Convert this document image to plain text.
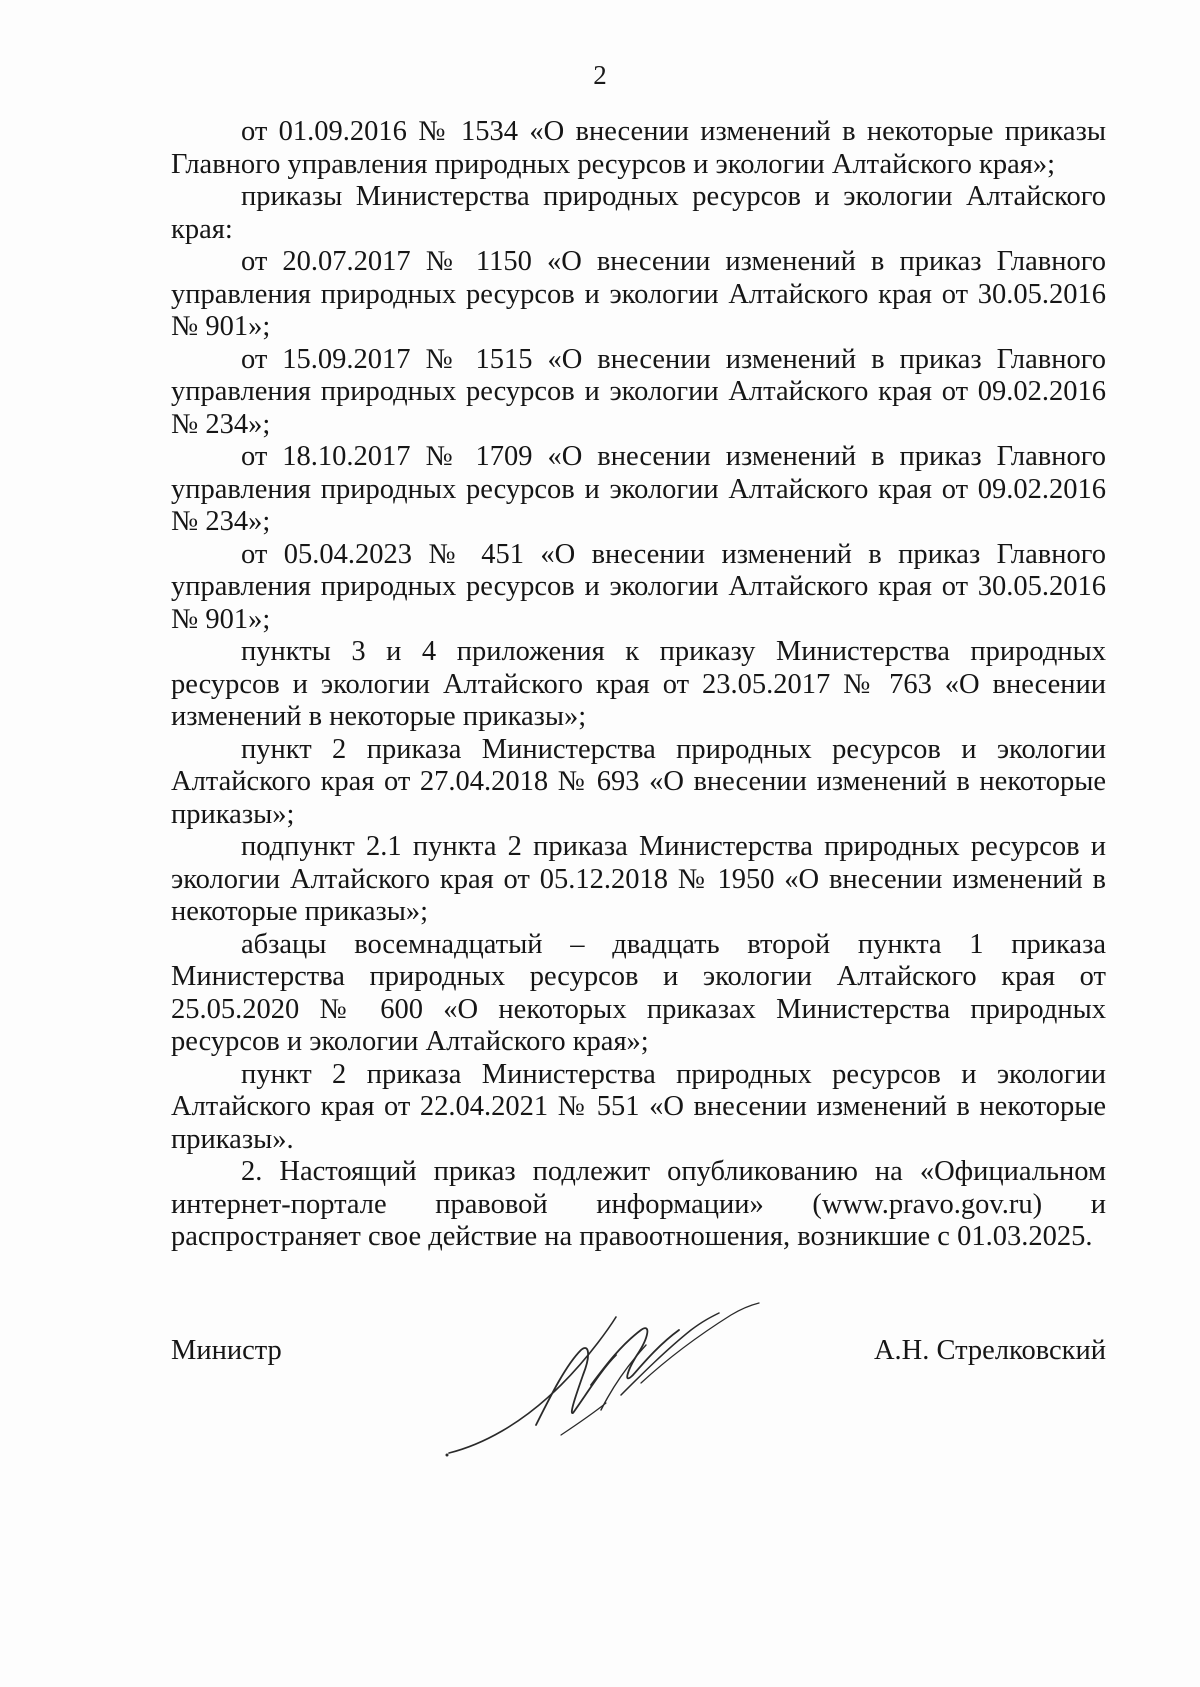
2

от 01.09.2016 № 1534 «О внесении изменений в некоторые приказы Главного управления природных ресурсов и экологии Алтайского края»;

приказы Министерства природных ресурсов и экологии Алтайского края:

от 20.07.2017 № 1150 «О внесении изменений в приказ Главного управления природных ресурсов и экологии Алтайского края от 30.05.2016 № 901»;

от 15.09.2017 № 1515 «О внесении изменений в приказ Главного управления природных ресурсов и экологии Алтайского края от 09.02.2016 № 234»;

от 18.10.2017 № 1709 «О внесении изменений в приказ Главного управления природных ресурсов и экологии Алтайского края от 09.02.2016 № 234»;

от 05.04.2023 № 451 «О внесении изменений в приказ Главного управления природных ресурсов и экологии Алтайского края от 30.05.2016 № 901»;

пункты 3 и 4 приложения к приказу Министерства природных ресурсов и экологии Алтайского края от 23.05.2017 № 763 «О внесении изменений в некоторые приказы»;

пункт 2 приказа Министерства природных ресурсов и экологии Алтайского края от 27.04.2018 № 693 «О внесении изменений в некоторые приказы»;

подпункт 2.1 пункта 2 приказа Министерства природных ресурсов и экологии Алтайского края от 05.12.2018 № 1950 «О внесении изменений в некоторые приказы»;

абзацы восемнадцатый – двадцать второй пункта 1 приказа Министерства природных ресурсов и экологии Алтайского края от 25.05.2020 № 600 «О некоторых приказах Министерства природных ресурсов и экологии Алтайского края»;

пункт 2 приказа Министерства природных ресурсов и экологии Алтайского края от 22.04.2021 № 551 «О внесении изменений в некоторые приказы».

2. Настоящий приказ подлежит опубликованию на «Официальном интернет-портале правовой информации» (www.pravo.gov.ru) и распространяет свое действие на правоотношения, возникшие с 01.03.2025.

Министр	А.Н. Стрелковский
